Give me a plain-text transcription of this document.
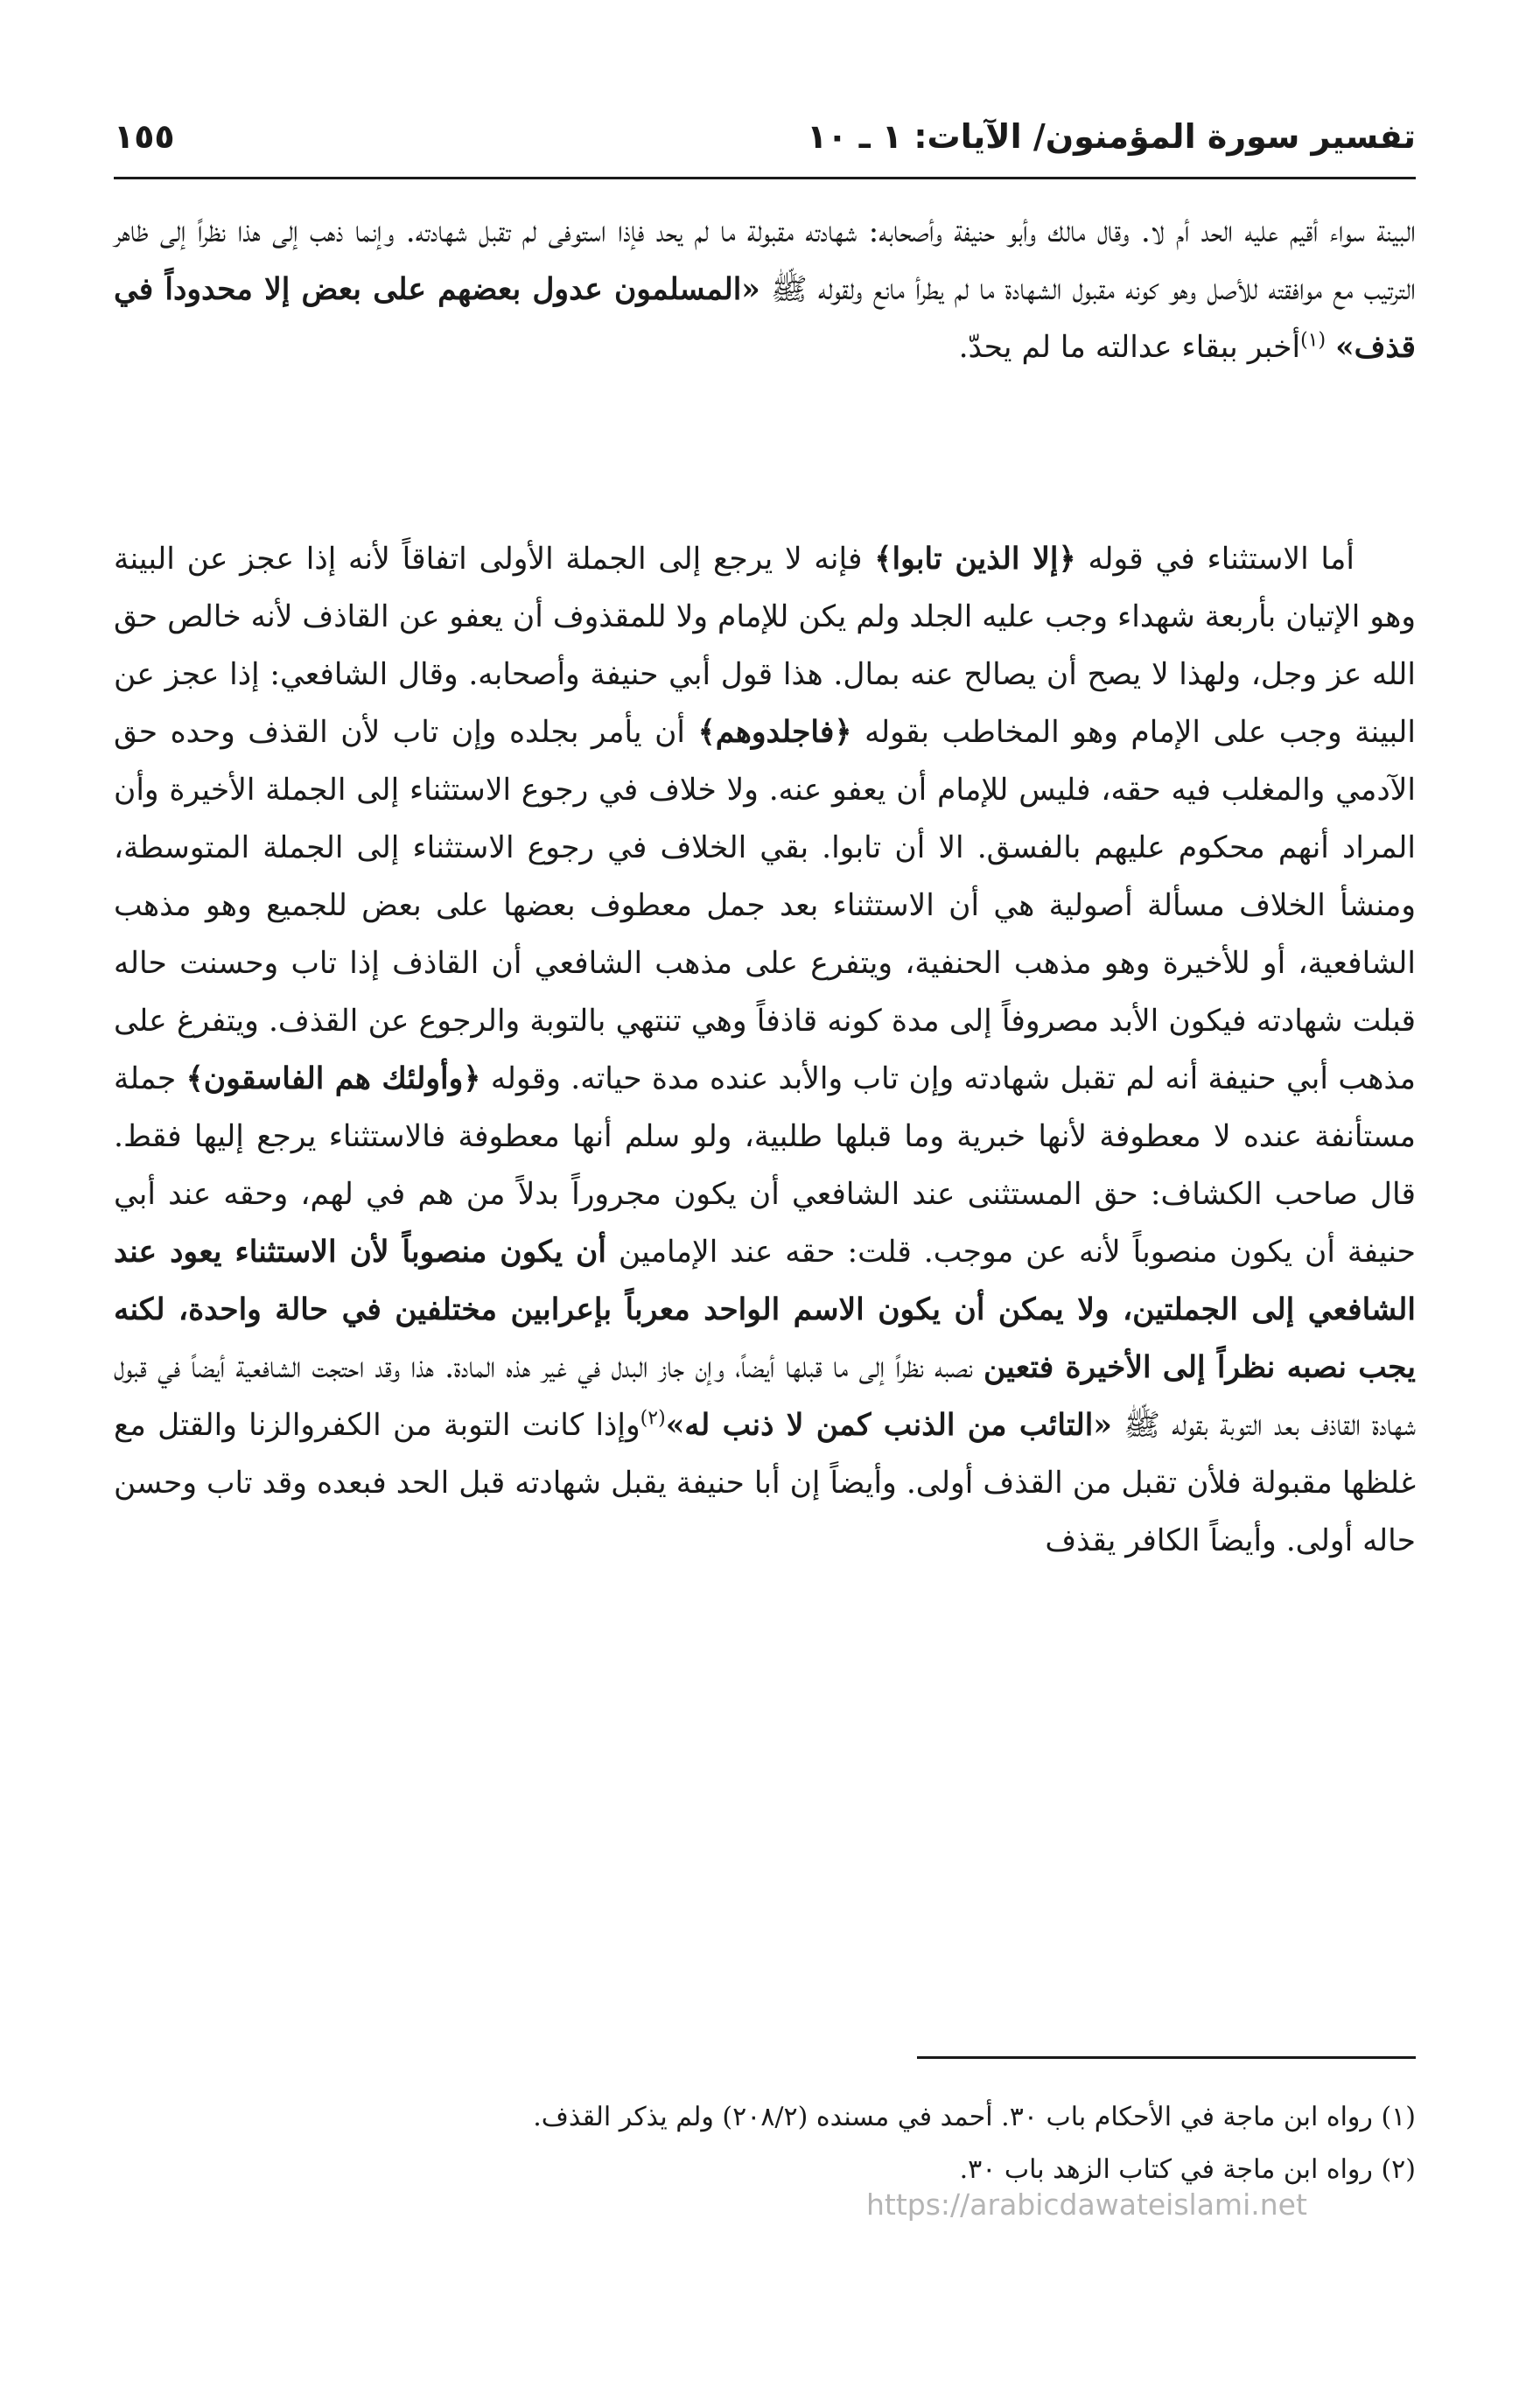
تفسير سورة المؤمنون/ الآيات: ١ ـ ١٠
١٥٥

البينة سواء أقيم عليه الحد أم لا. وقال مالك وأبو حنيفة وأصحابه: شهادته مقبولة ما لم يحد فإذا استوفى لم تقبل شهادته. وإنما ذهب إلى هذا نظراً إلى ظاهر الترتيب مع موافقته للأصل وهو كونه مقبول الشهادة ما لم يطرأ مانع ولقوله ﷺ «المسلمون عدول بعضهم على بعض إلا محدوداً في قذف» $^{(١)}$أخبر ببقاء عدالته ما لم يحدّ.

أما الاستثناء في قوله ﴿إلا الذين تابوا﴾ فإنه لا يرجع إلى الجملة الأولى اتفاقاً لأنه إذا عجز عن البينة وهو الإتيان بأربعة شهداء وجب عليه الجلد ولم يكن للإمام ولا للمقذوف أن يعفو عن القاذف لأنه خالص حق الله عز وجل، ولهذا لا يصح أن يصالح عنه بمال. هذا قول أبي حنيفة وأصحابه. وقال الشافعي: إذا عجز عن البينة وجب على الإمام وهو المخاطب بقوله ﴿فاجلدوهم﴾ أن يأمر بجلده وإن تاب لأن القذف وحده حق الآدمي والمغلب فيه حقه، فليس للإمام أن يعفو عنه. ولا خلاف في رجوع الاستثناء إلى الجملة الأخيرة وأن المراد أنهم محكوم عليهم بالفسق. الا أن تابوا. بقي الخلاف في رجوع الاستثناء إلى الجملة المتوسطة، ومنشأ الخلاف مسألة أصولية هي أن الاستثناء بعد جمل معطوف بعضها على بعض للجميع وهو مذهب الشافعية، أو للأخيرة وهو مذهب الحنفية، ويتفرع على مذهب الشافعي أن القاذف إذا تاب وحسنت حاله قبلت شهادته فيكون الأبد مصروفاً إلى مدة كونه قاذفاً وهي تنتهي بالتوبة والرجوع عن القذف. ويتفرغ على مذهب أبي حنيفة أنه لم تقبل شهادته وإن تاب والأبد عنده مدة حياته. وقوله ﴿وأولئك هم الفاسقون﴾ جملة مستأنفة عنده لا معطوفة لأنها خبرية وما قبلها طلبية، ولو سلم أنها معطوفة فالاستثناء يرجع إليها فقط. قال صاحب الكشاف: حق المستثنى عند الشافعي أن يكون مجروراً بدلاً من هم في لهم، وحقه عند أبي حنيفة أن يكون منصوباً لأنه عن موجب. قلت: حقه عند الإمامين أن يكون منصوباً لأن الاستثناء يعود عند الشافعي إلى الجملتين، ولا يمكن أن يكون الاسم الواحد معرباً بإعرابين مختلفين في حالة واحدة، لكنه يجب نصبه نظراً إلى الأخيرة فتعين نصبه نظراً إلى ما قبلها أيضاً، وإن جاز البدل في غير هذه المادة. هذا وقد احتجت الشافعية أيضاً في قبول شهادة القاذف بعد التوبة بقوله ﷺ «التائب من الذنب كمن لا ذنب له»$^{(٢)}$وإذا كانت التوبة من الكفروالزنا والقتل مع غلظها مقبولة فلأن تقبل من القذف أولى. وأيضاً إن أبا حنيفة يقبل شهادته قبل الحد فبعده وقد تاب وحسن حاله أولى. وأيضاً الكافر يقذف

(١) رواه ابن ماجة في الأحكام باب ٣٠. أحمد في مسنده (٢٠٨/٢) ولم يذكر القذف.
(٢) رواه ابن ماجة في كتاب الزهد باب ٣٠.
https://arabicdawateislami.net
